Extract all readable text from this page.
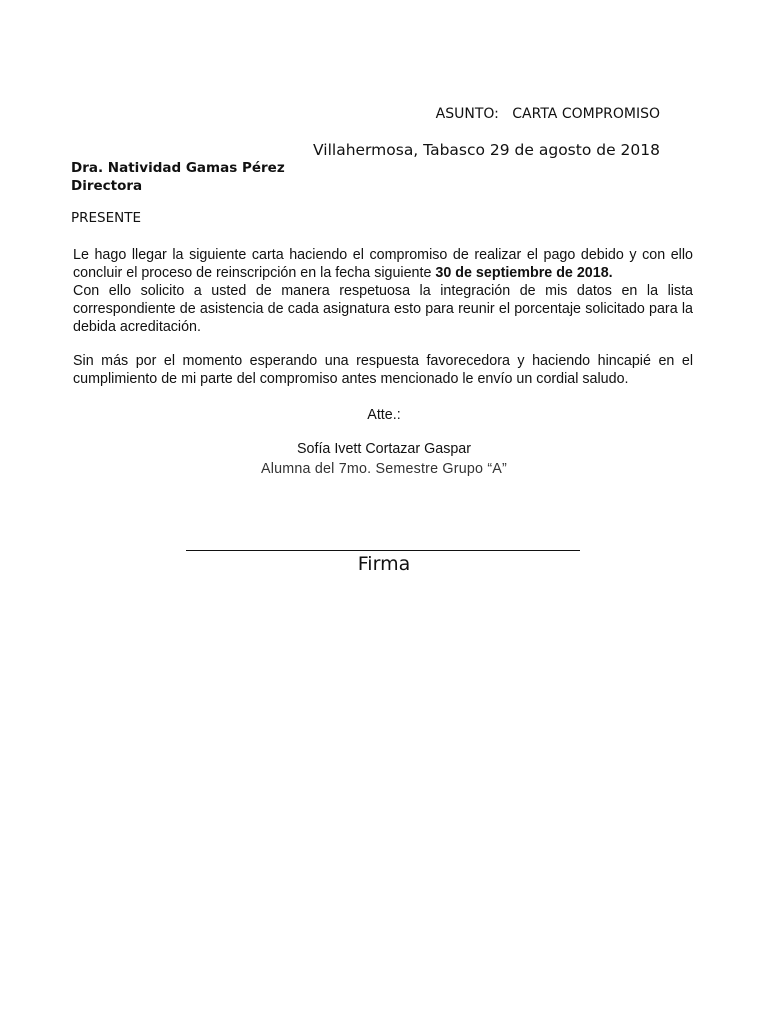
ASUNTO: CARTA COMPROMISO
Villahermosa, Tabasco 29 de agosto de 2018
Dra. Natividad Gamas Pérez
Directora
PRESENTE
Le hago llegar la siguiente carta haciendo el compromiso de realizar el pago debido y con ello concluir el proceso de reinscripción en la fecha siguiente 30 de septiembre de 2018.
Con ello solicito a usted de manera respetuosa la integración de mis datos en la lista correspondiente de asistencia de cada asignatura esto para reunir el porcentaje solicitado para la debida acreditación.
Sin más por el momento esperando una respuesta favorecedora y haciendo hincapié en el cumplimiento de mi parte del compromiso antes mencionado le envío un cordial saludo.
Atte.:
Sofía Ivett Cortazar Gaspar
Alumna del 7mo. Semestre Grupo “A”
Firma
